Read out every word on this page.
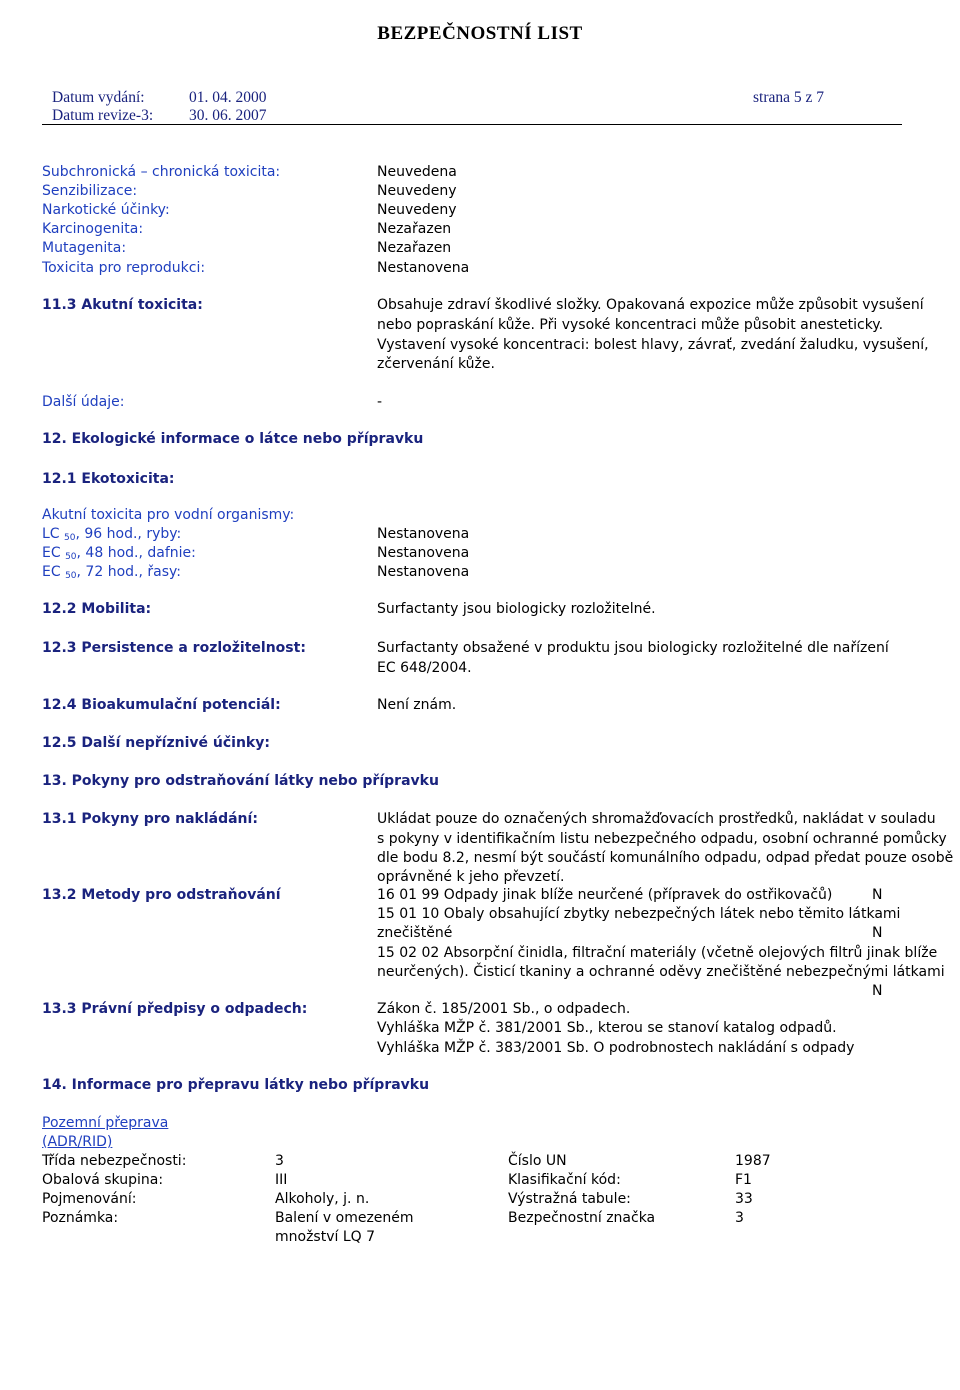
BEZPEČNOSTNÍ LIST
Datum vydání:	01. 04. 2000	strana 5 z 7
Datum revize-3: 30. 06. 2007
Subchronická – chronická toxicita:	Neuvedena
Senzibilizace:	Neuvedeny
Narkotické účinky:	Neuvedeny
Karcinogenita:	Nezařazen
Mutagenita:	Nezařazen
Toxicita pro reprodukci:	Nestanovena
11.3 Akutní toxicita:	Obsahuje zdraví škodlivé složky. Opakovaná expozice může způsobit vysušení
nebo popraskání kůže. Při vysoké koncentraci může působit anesteticky.
Vystavení vysoké koncentraci: bolest hlavy, závrať, zvedání žaludku, vysušení,
zčervenání kůže.
Další údaje:	-
12. Ekologické informace o látce nebo přípravku
12.1 Ekotoxicita:
Akutní toxicita pro vodní organismy:
LC $_{50}$, 96 hod., ryby:	Nestanovena
EC $_{50}$, 48 hod., dafnie:	Nestanovena
EC $_{50}$, 72 hod., řasy:	Nestanovena
12.2 Mobilita:	Surfactanty jsou biologicky rozložitelné.
12.3 Persistence a rozložitelnost:	Surfactanty obsažené v produktu jsou biologicky rozložitelné dle nařízení
EC 648/2004.
12.4 Bioakumulační potenciál:	Není znám.
12.5 Další nepříznivé účinky:
13. Pokyny pro odstraňování látky nebo přípravku
13.1 Pokyny pro nakládání:	Ukládat pouze do označených shromažďovacích prostředků, nakládat v souladu
s pokyny v identifikačním listu nebezpečného odpadu, osobní ochranné pomůcky
dle bodu 8.2, nesmí být součástí komunálního odpadu, odpad předat pouze osobě
oprávněné k jeho převzetí.
13.2 Metody pro odstraňování	16 01 99 Odpady jinak blíže neurčené (přípravek do ostřikovačů)	N
15 01 10 Obaly obsahující zbytky nebezpečných látek nebo těmito látkami
znečištěné	N
15 02 02 Absorpční činidla, filtrační materiály (včetně olejových filtrů jinak blíže
neurčených). Čisticí tkaniny a ochranné oděvy znečištěné nebezpečnými látkami
N
13.3 Právní předpisy o odpadech:	Zákon č. 185/2001 Sb., o odpadech.
Vyhláška MŽP č. 381/2001 Sb., kterou se stanoví katalog odpadů.
Vyhláška MŽP č. 383/2001 Sb. O podrobnostech nakládání s odpady
14. Informace pro přepravu látky nebo přípravku
Pozemní přeprava
(ADR/RID)
Třída nebezpečnosti:	3	Číslo UN	1987
Obalová skupina:	III	Klasifikační kód:	F1
Pojmenování:	Alkoholy, j. n.	Výstražná tabule:	33
Poznámka:	Balení v omezeném	Bezpečnostní značka	3
množství LQ 7
